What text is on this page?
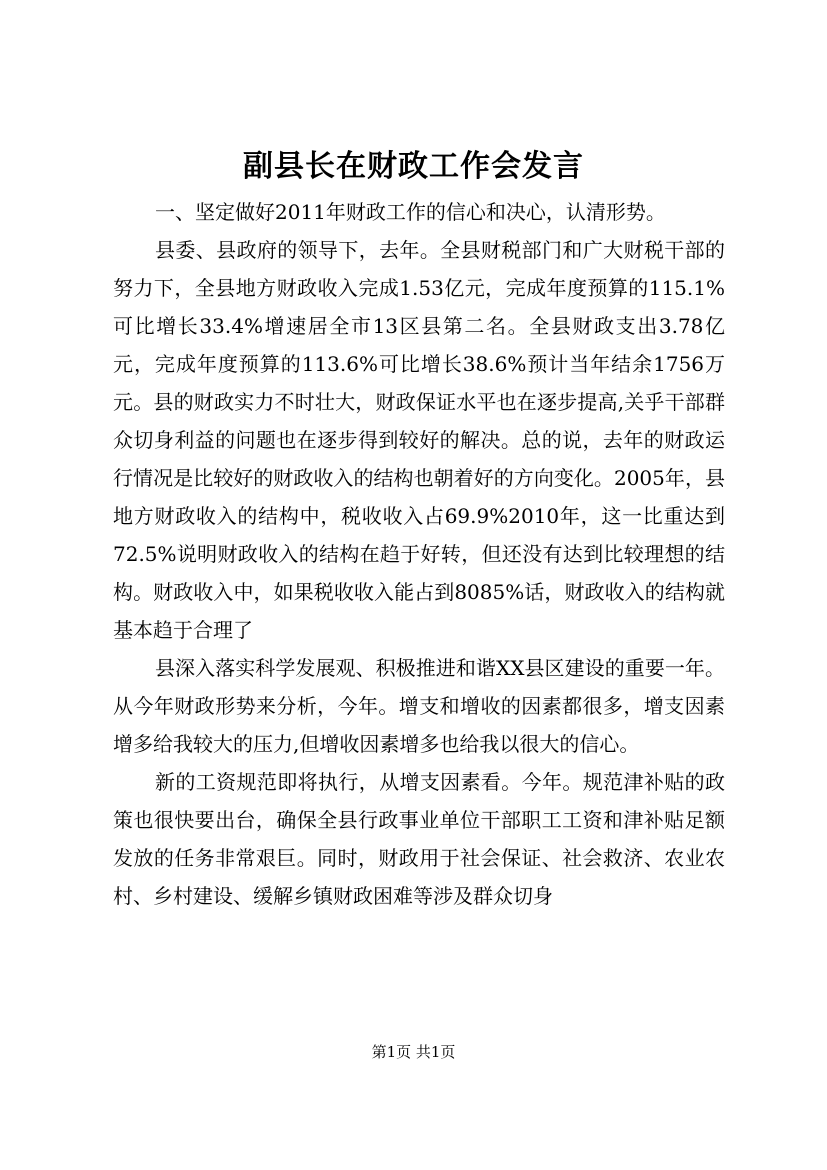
副县长在财政工作会发言

一、坚定做好2011年财政工作的信心和决心，认清形势。

县委、县政府的领导下，去年。全县财税部门和广大财税干部的努力下，全县地方财政收入完成1.53亿元，完成年度预算的115.1%可比增长33.4%增速居全市13区县第二名。全县财政支出3.78亿元，完成年度预算的113.6%可比增长38.6%预计当年结余1756万元。县的财政实力不时壮大，财政保证水平也在逐步提高,关乎干部群众切身利益的问题也在逐步得到较好的解决。总的说，去年的财政运行情况是比较好的财政收入的结构也朝着好的方向变化。2005年，县地方财政收入的结构中，税收收入占69.9%2010年，这一比重达到72.5%说明财政收入的结构在趋于好转，但还没有达到比较理想的结构。财政收入中，如果税收收入能占到8085%话，财政收入的结构就基本趋于合理了

县深入落实科学发展观、积极推进和谐XX县区建设的重要一年。从今年财政形势来分析，今年。增支和增收的因素都很多，增支因素增多给我较大的压力,但增收因素增多也给我以很大的信心。

新的工资规范即将执行，从增支因素看。今年。规范津补贴的政策也很快要出台，确保全县行政事业单位干部职工工资和津补贴足额发放的任务非常艰巨。同时，财政用于社会保证、社会救济、农业农村、乡村建设、缓解乡镇财政困难等涉及群众切身

第1页 共1页
